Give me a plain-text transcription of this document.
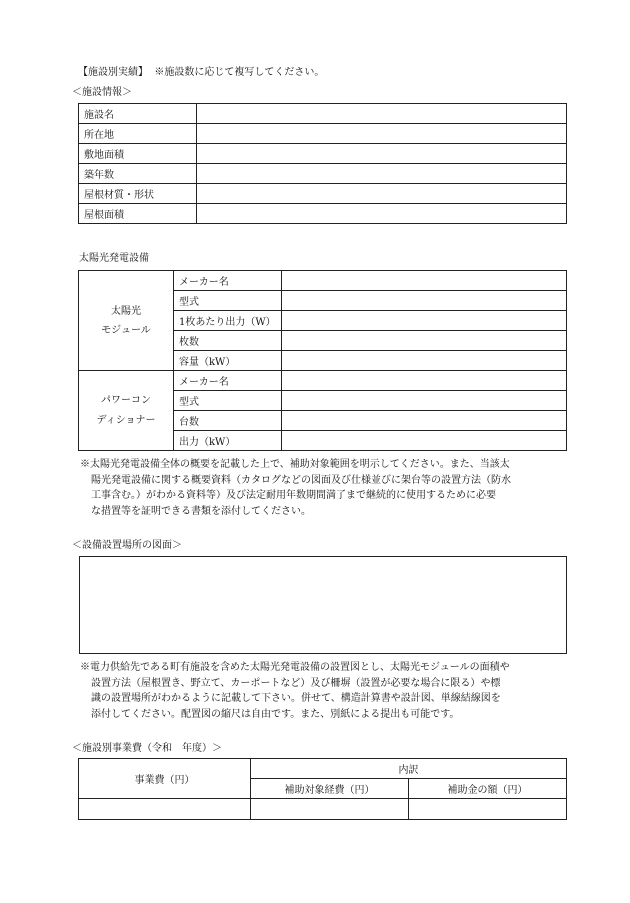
【施設別実績】 ※施設数に応じて複写してください。
＜施設情報＞
施設名	
所在地	
敷地面積	
築年数	
屋根材質・形状	
屋根面積	
太陽光発電設備
太陽光
モジュール	メーカー名	
	型式	
	1枚あたり出力（W）	
	枚数	
	容量（kW）	

パワーコン
ディショナー	メーカー名	
	型式	
	台数	
	出力（kW）	
※太陽光発電設備全体の概要を記載した上で、補助対象範囲を明示してください。また、当該太
陽光発電設備に関する概要資料（カタログなどの図面及び仕様並びに架台等の設置方法（防水
工事含む。）がわかる資料等）及び法定耐用年数期間満了まで継続的に使用するために必要
な措置等を証明できる書類を添付してください。
＜設備設置場所の図面＞
※電力供給先である町有施設を含めた太陽光発電設備の設置図とし、太陽光モジュールの面積や
設置方法（屋根置き、野立て、カーポートなど）及び柵塀（設置が必要な場合に限る）や標
識の設置場所がわかるように記載して下さい。併せて、構造計算書や設計図、単線結線図を
添付してください。配置図の縮尺は自由です。また、別紙による提出も可能です。
＜施設別事業費（令和　年度）＞
事業費（円）	内訳	
	補助対象経費（円）	補助金の額（円）
